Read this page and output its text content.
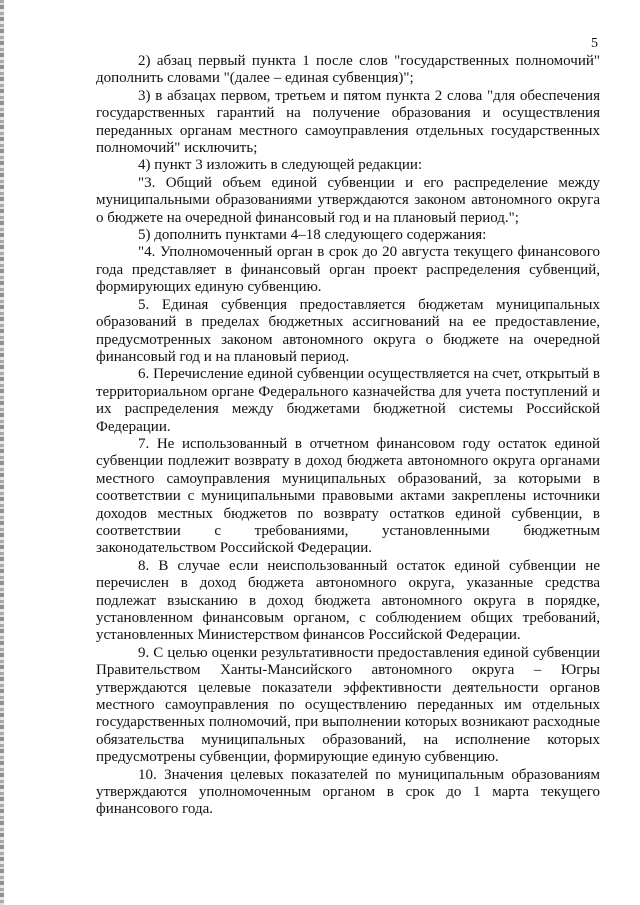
5

2) абзац первый пункта 1 после слов "государственных полномочий" дополнить словами "(далее – единая субвенция)";

3) в абзацах первом, третьем и пятом пункта 2 слова "для обеспечения государственных гарантий на получение образования и осуществления переданных органам местного самоуправления отдельных государственных полномочий" исключить;

4) пункт 3 изложить в следующей редакции:

"3. Общий объем единой субвенции и его распределение между муниципальными образованиями утверждаются законом автономного округа о бюджете на очередной финансовый год и на плановый период.";

5) дополнить пунктами 4–18 следующего содержания:

"4. Уполномоченный орган в срок до 20 августа текущего финансового года представляет в финансовый орган проект распределения субвенций, формирующих единую субвенцию.

5. Единая субвенция предоставляется бюджетам муниципальных образований в пределах бюджетных ассигнований на ее предоставление, предусмотренных законом автономного округа о бюджете на очередной финансовый год и на плановый период.

6. Перечисление единой субвенции осуществляется на счет, открытый в территориальном органе Федерального казначейства для учета поступлений и их распределения между бюджетами бюджетной системы Российской Федерации.

7. Не использованный в отчетном финансовом году остаток единой субвенции подлежит возврату в доход бюджета автономного округа органами местного самоуправления муниципальных образований, за которыми в соответствии с муниципальными правовыми актами закреплены источники доходов местных бюджетов по возврату остатков единой субвенции, в соответствии с требованиями, установленными бюджетным законодательством Российской Федерации.

8. В случае если неиспользованный остаток единой субвенции не перечислен в доход бюджета автономного округа, указанные средства подлежат взысканию в доход бюджета автономного округа в порядке, установленном финансовым органом, с соблюдением общих требований, установленных Министерством финансов Российской Федерации.

9. С целью оценки результативности предоставления единой субвенции Правительством Ханты-Мансийского автономного округа – Югры утверждаются целевые показатели эффективности деятельности органов местного самоуправления по осуществлению переданных им отдельных государственных полномочий, при выполнении которых возникают расходные обязательства муниципальных образований, на исполнение которых предусмотрены субвенции, формирующие единую субвенцию.

10. Значения целевых показателей по муниципальным образованиям утверждаются уполномоченным органом в срок до 1 марта текущего финансового года.
